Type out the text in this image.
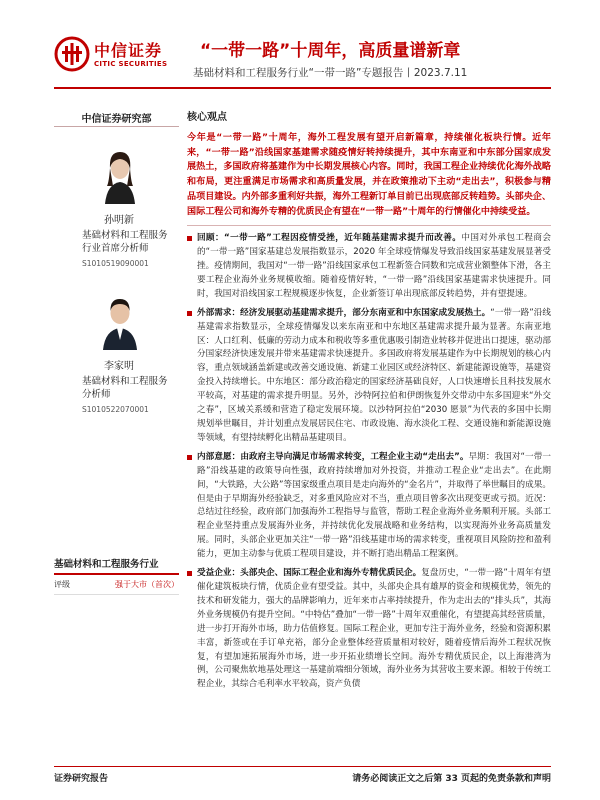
中信证券
CITIC SECURITIES
“一带一路”十周年，高质量谱新章
基础材料和工程服务行业“一带一路”专题报告丨2023.7.11
中信证券研究部
孙明新
基础材料和工程服务行业首席分析师
S1010519090001
李家明
基础材料和工程服务分析师
S1010522070001
基础材料和工程服务行业
评级	强于大市（首次）
核心观点
今年是“一带一路”十周年，海外工程发展有望开启新篇章，持续催化板块行情。近年来，“一带一路”沿线国家基建需求随疫情好转持续提升，其中东南亚和中东部分国家成发展热土，多国政府将基建作为中长期发展核心内容。同时，我国工程企业持续优化海外战略和布局，更注重满足市场需求和高质量发展，并在政策推动下主动“走出去”，积极参与精品项目建设。内外部多重利好共振，海外工程新订单目前已出现底部反转趋势。头部央企、国际工程公司和海外专精的优质民企有望在“一带一路”十周年的行情催化中持续受益。
回顾：“一带一路”工程因疫情受挫，近年随基建需求提升而改善。中国对外承包工程商会的“一带一路”国家基建总发展指数显示，2020 年全球疫情爆发导致沿线国家基建发展显著受挫。疫情期间，我国对“一带一路”沿线国家承包工程新签合同数和完成营业额整体下滑，各主要工程企业海外业务规模收缩。随着疫情好转，“一带一路”沿线国家基建需求快速提升。同时，我国对沿线国家工程规模逐步恢复，企业新签订单出现底部反转趋势，并有望提速。
外部需求：经济发展驱动基建需求提升，部分东南亚和中东国家成发展热土。“一带一路”沿线基建需求指数显示，全球疫情爆发以来东南亚和中东地区基建需求提升最为显著。东南亚地区：人口红利、低廉的劳动力成本和税收等多重优惠吸引制造业转移并促进出口提速，驱动部分国家经济快速发展并带来基建需求快速提升。多国政府将发展基建作为中长期规划的核心内容，重点领域涵盖新建或改善交通设施、新建工业园区或经济特区、新建能源设施等，基建资金投入持续增长。中东地区：部分政治稳定的国家经济基础良好，人口快速增长且科技发展水平较高，对基建的需求提升明显。另外，沙特阿拉伯和伊朗恢复外交带动中东多国迎来“外交之春”，区域关系缓和营造了稳定发展环境。以沙特阿拉伯“2030 愿景”为代表的多国中长期规划举世瞩目，并计划重点发展居民住宅、市政设施、海水淡化工程、交通设施和新能源设施等领域，有望持续孵化出精品基建项目。
内部意愿：由政府主导向满足市场需求转变，工程企业主动“走出去”。早期：我国对“一带一路”沿线基建的政策导向性强，政府持续增加对外投资，并推动工程企业“走出去”。在此期间，“大铁路，大公路”等国家级重点项目是走向海外的“金名片”，并取得了举世瞩目的成果。但是由于早期海外经验缺乏，对多重风险应对不当，重点项目曾多次出现变更或亏损。近况：总结过往经验，政府部门加强海外工程指导与监管，帮助工程企业海外业务顺利开展。头部工程企业坚持重点发展海外业务，并持续优化发展战略和业务结构，以实现海外业务高质量发展。同时，头部企业更加关注“一带一路”沿线基建市场的需求转变，重视项目风险防控和盈利能力，更加主动参与优质工程项目建设，并不断打造出精品工程案例。
受益企业：头部央企、国际工程企业和海外专精优质民企。复盘历史，“一带一路”十周年有望催化建筑板块行情，优质企业有望受益。其中，头部央企具有雄厚的资金和规模优势，领先的技术和研发能力，强大的品牌影响力，近年来市占率持续提升，作为走出去的“排头兵”，其海外业务规模仍有提升空间。“中特估”叠加“一带一路”十周年双重催化，有望提高其经营质量，进一步打开海外市场，助力估值修复。国际工程企业，更加专注于海外业务，经验和资源积累丰富，新签或在手订单充裕，部分企业整体经营质量相对较好，随着疫情后海外工程状况恢复，有望加速拓展海外市场，进一步开拓业绩增长空间。海外专精优质民企，以上海港湾为例，公司聚焦软地基处理这一基建前端细分领域，海外业务为其营收主要来源。相较于传统工程企业，其综合毛利率水平较高，资产负债
证券研究报告	请务必阅读正文之后第 33 页起的免责条款和声明
